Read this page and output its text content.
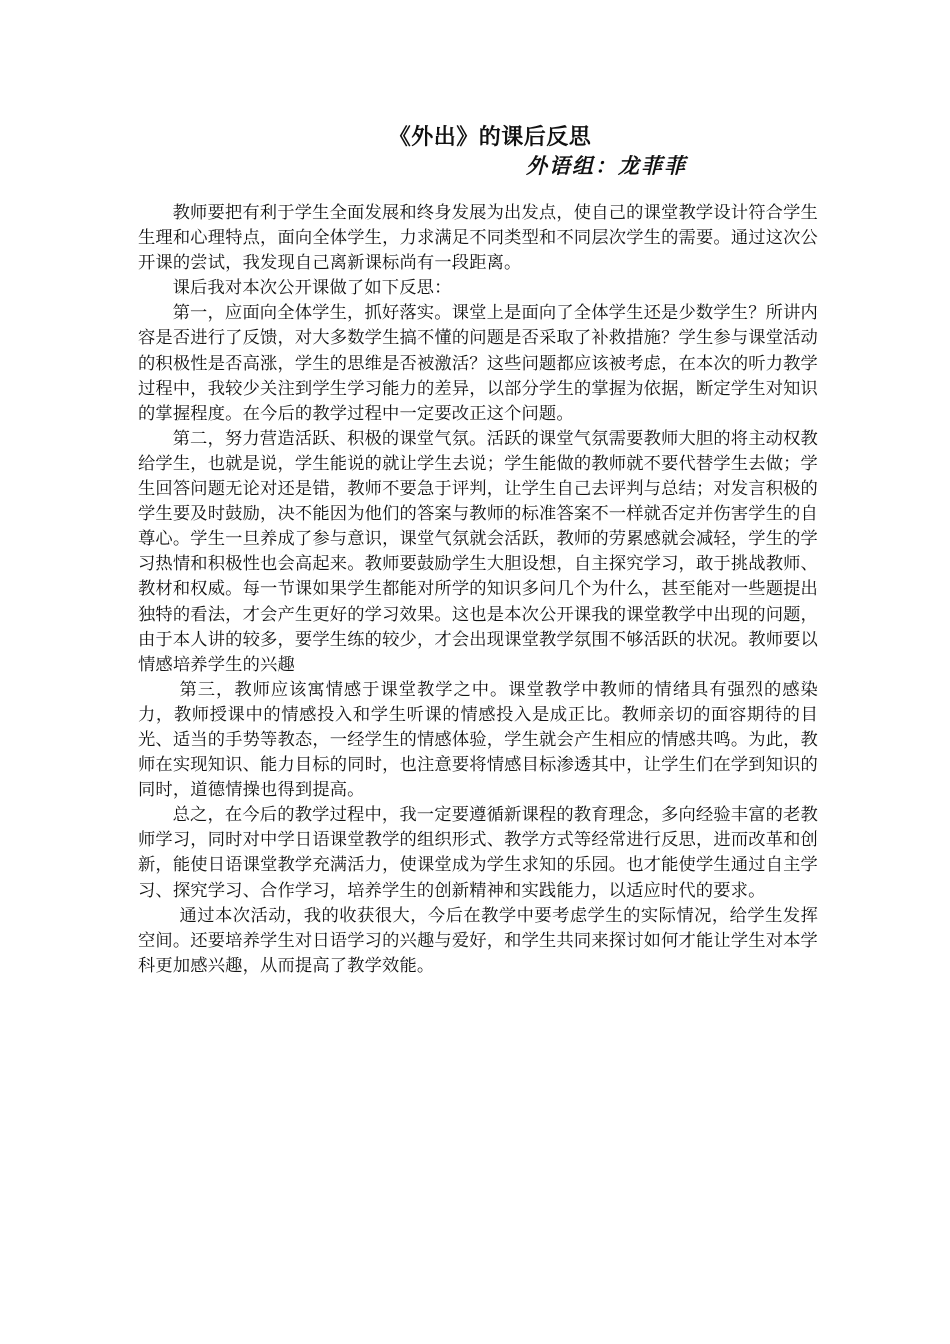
《外出》的课后反思
外语组：龙菲菲

教师要把有利于学生全面发展和终身发展为出发点，使自己的课堂教学设计符合学生生理和心理特点，面向全体学生，力求满足不同类型和不同层次学生的需要。通过这次公开课的尝试，我发现自己离新课标尚有一段距离。

课后我对本次公开课做了如下反思：

第一，应面向全体学生，抓好落实。课堂上是面向了全体学生还是少数学生？所讲内容是否进行了反馈，对大多数学生搞不懂的问题是否采取了补救措施？学生参与课堂活动的积极性是否高涨，学生的思维是否被激活？这些问题都应该被考虑，在本次的听力教学过程中，我较少关注到学生学习能力的差异，以部分学生的掌握为依据，断定学生对知识的掌握程度。在今后的教学过程中一定要改正这个问题。

第二，努力营造活跃、积极的课堂气氛。活跃的课堂气氛需要教师大胆的将主动权教给学生，也就是说，学生能说的就让学生去说；学生能做的教师就不要代替学生去做；学生回答问题无论对还是错，教师不要急于评判，让学生自己去评判与总结；对发言积极的学生要及时鼓励，决不能因为他们的答案与教师的标准答案不一样就否定并伤害学生的自尊心。学生一旦养成了参与意识，课堂气氛就会活跃，教师的劳累感就会减轻，学生的学习热情和积极性也会高起来。教师要鼓励学生大胆设想，自主探究学习，敢于挑战教师、教材和权威。每一节课如果学生都能对所学的知识多问几个为什么，甚至能对一些题提出独特的看法，才会产生更好的学习效果。这也是本次公开课我的课堂教学中出现的问题，由于本人讲的较多，要学生练的较少，才会出现课堂教学氛围不够活跃的状况。教师要以情感培养学生的兴趣

第三，教师应该寓情感于课堂教学之中。课堂教学中教师的情绪具有强烈的感染力，教师授课中的情感投入和学生听课的情感投入是成正比。教师亲切的面容期待的目光、适当的手势等教态，一经学生的情感体验，学生就会产生相应的情感共鸣。为此，教师在实现知识、能力目标的同时，也注意要将情感目标渗透其中，让学生们在学到知识的同时，道德情操也得到提高。

总之，在今后的教学过程中，我一定要遵循新课程的教育理念，多向经验丰富的老教师学习，同时对中学日语课堂教学的组织形式、教学方式等经常进行反思，进而改革和创新，能使日语课堂教学充满活力，使课堂成为学生求知的乐园。也才能使学生通过自主学习、探究学习、合作学习，培养学生的创新精神和实践能力，以适应时代的要求。

通过本次活动，我的收获很大，今后在教学中要考虑学生的实际情况，给学生发挥空间。还要培养学生对日语学习的兴趣与爱好，和学生共同来探讨如何才能让学生对本学科更加感兴趣，从而提高了教学效能。
